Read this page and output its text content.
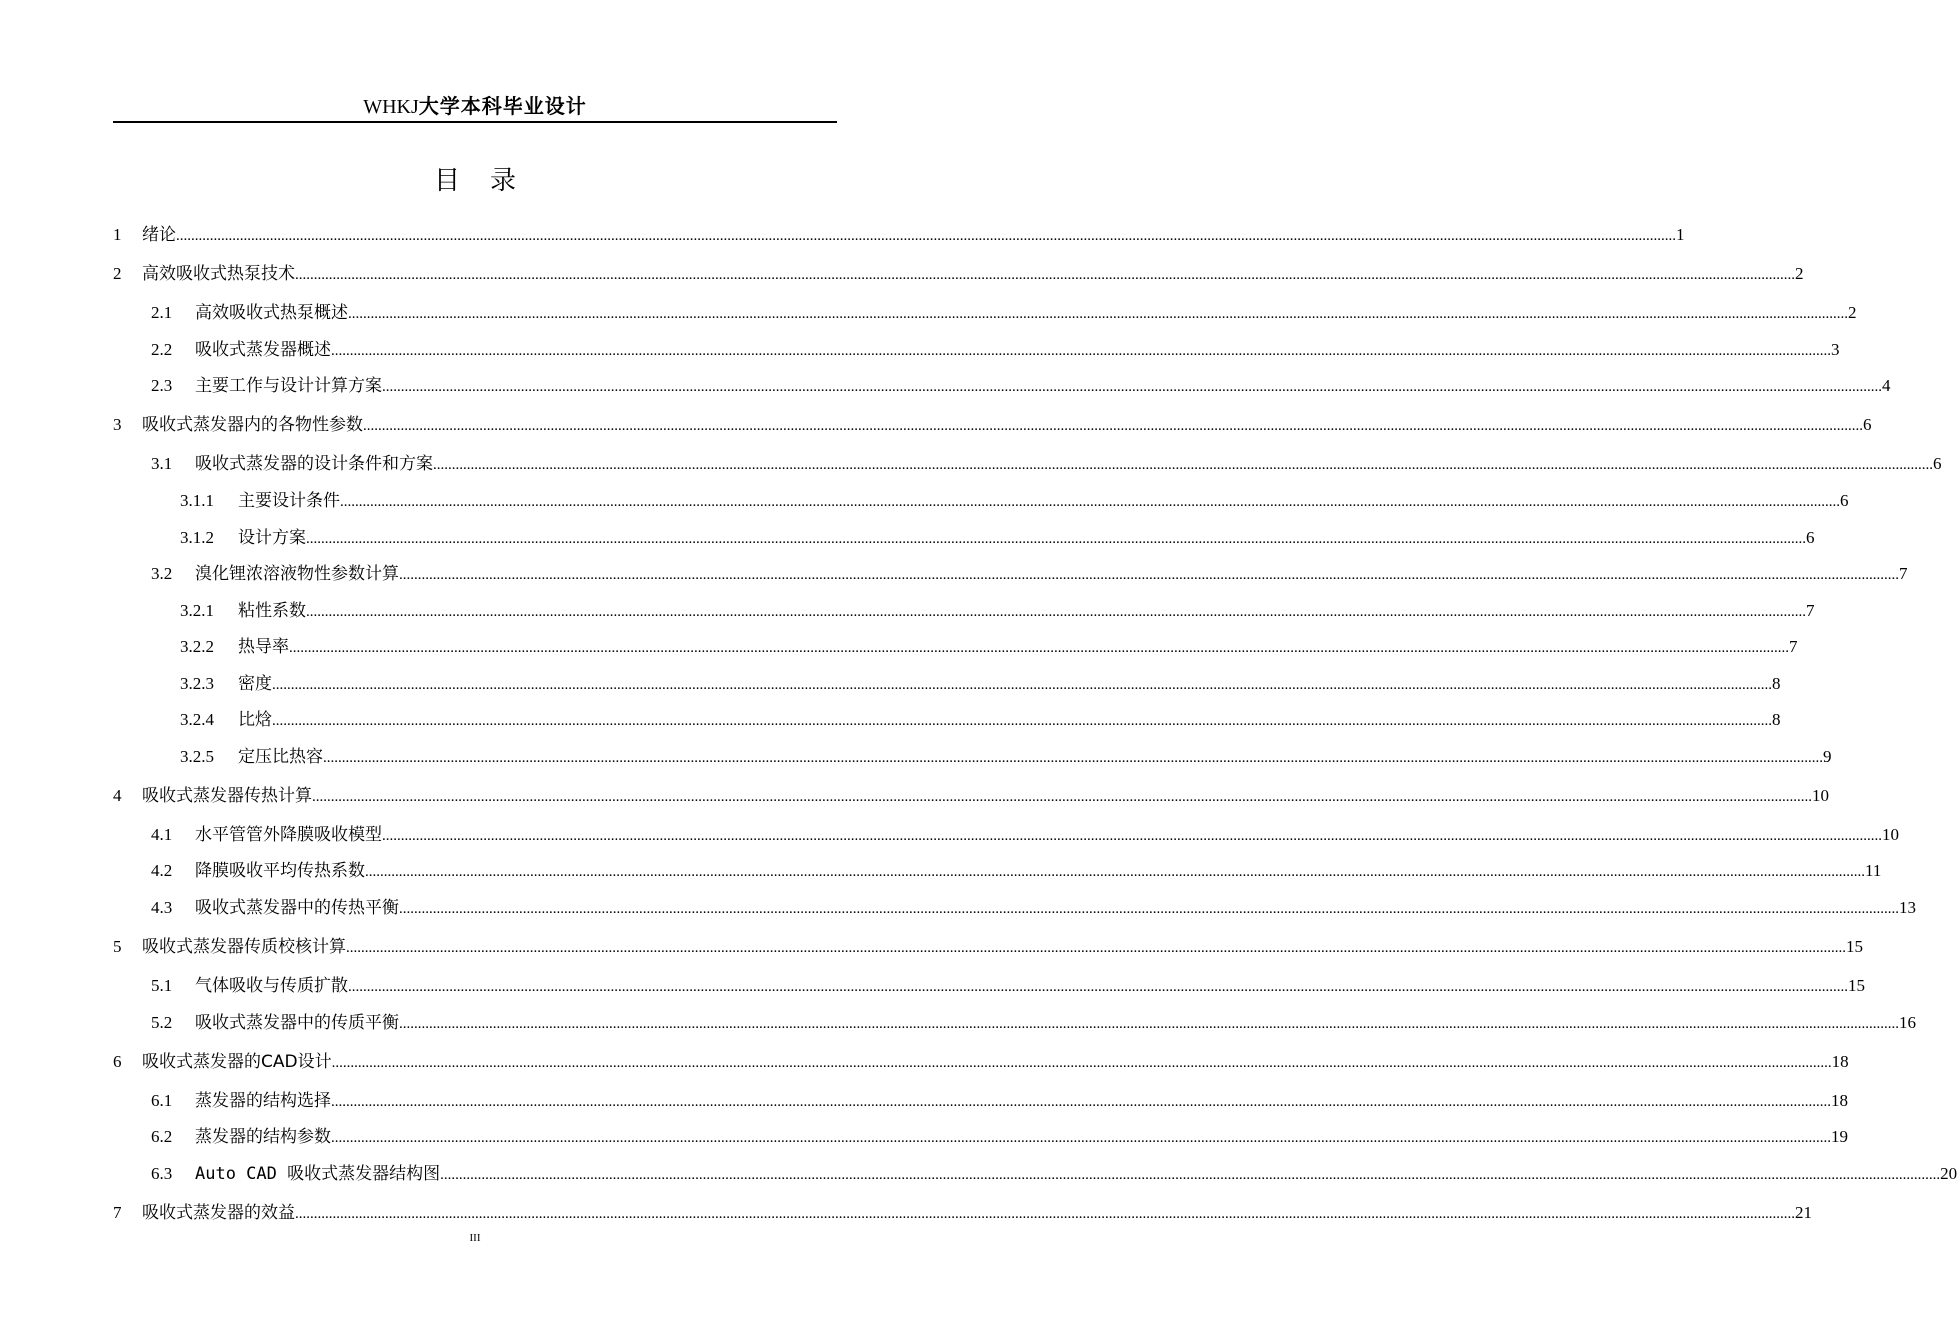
WHKJ大学本科毕业设计
目录
1	绪论 ................................................................................................................................................................................................................................................................................................................................................................................................................ 1
2	高效吸收式热泵技术 ................................................................................................................................................................................................................................................................................................................................................................................................................ 2
2.1	高效吸收式热泵概述 ................................................................................................................................................................................................................................................................................................................................................................................................................ 2
2.2	吸收式蒸发器概述 ................................................................................................................................................................................................................................................................................................................................................................................................................ 3
2.3	主要工作与设计计算方案 ................................................................................................................................................................................................................................................................................................................................................................................................................ 4
3	吸收式蒸发器内的各物性参数 ................................................................................................................................................................................................................................................................................................................................................................................................................ 6
3.1	吸收式蒸发器的设计条件和方案 ................................................................................................................................................................................................................................................................................................................................................................................................................ 6
3.1.1	主要设计条件 ................................................................................................................................................................................................................................................................................................................................................................................................................ 6
3.1.2	设计方案 ................................................................................................................................................................................................................................................................................................................................................................................................................ 6
3.2	溴化锂浓溶液物性参数计算 ................................................................................................................................................................................................................................................................................................................................................................................................................ 7
3.2.1	粘性系数 ................................................................................................................................................................................................................................................................................................................................................................................................................ 7
3.2.2	热导率 ................................................................................................................................................................................................................................................................................................................................................................................................................ 7
3.2.3	密度 ................................................................................................................................................................................................................................................................................................................................................................................................................ 8
3.2.4	比焓 ................................................................................................................................................................................................................................................................................................................................................................................................................ 8
3.2.5	定压比热容 ................................................................................................................................................................................................................................................................................................................................................................................................................ 9
4	吸收式蒸发器传热计算 ................................................................................................................................................................................................................................................................................................................................................................................................................ 10
4.1	水平管管外降膜吸收模型 ................................................................................................................................................................................................................................................................................................................................................................................................................ 10
4.2	降膜吸收平均传热系数 ................................................................................................................................................................................................................................................................................................................................................................................................................ 11
4.3	吸收式蒸发器中的传热平衡 ................................................................................................................................................................................................................................................................................................................................................................................................................ 13
5	吸收式蒸发器传质校核计算 ................................................................................................................................................................................................................................................................................................................................................................................................................ 15
5.1	气体吸收与传质扩散 ................................................................................................................................................................................................................................................................................................................................................................................................................ 15
5.2	吸收式蒸发器中的传质平衡 ................................................................................................................................................................................................................................................................................................................................................................................................................ 16
6	吸收式蒸发器的CAD设计 ................................................................................................................................................................................................................................................................................................................................................................................................................ 18
6.1	蒸发器的结构选择 ................................................................................................................................................................................................................................................................................................................................................................................................................ 18
6.2	蒸发器的结构参数 ................................................................................................................................................................................................................................................................................................................................................................................................................ 19
6.3	Auto CAD 吸收式蒸发器结构图 ................................................................................................................................................................................................................................................................................................................................................................................................................ 20
7	吸收式蒸发器的效益 ................................................................................................................................................................................................................................................................................................................................................................................................................ 21
III
